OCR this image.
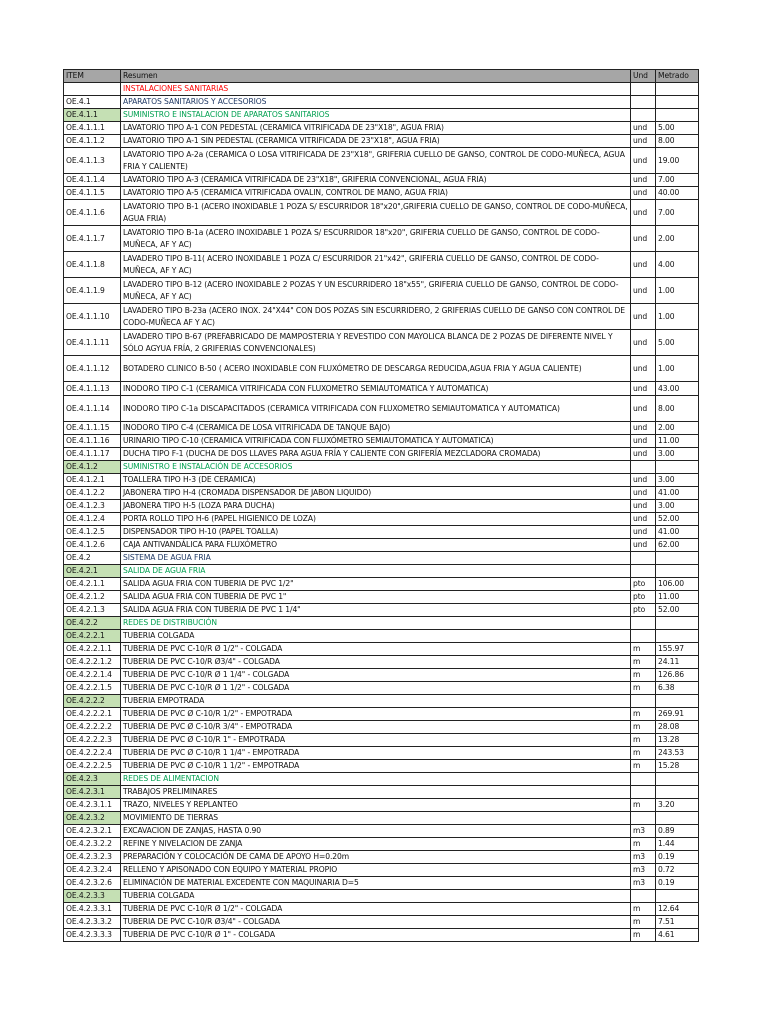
ITEM	Resumen	Und	Metrado
	INSTALACIONES SANITARIAS		
OE.4.1	APARATOS SANITARIOS Y ACCESORIOS		
OE.4.1.1	SUMINISTRO E INSTALACION DE APARATOS SANITARIOS		
OE.4.1.1.1	LAVATORIO TIPO A-1 CON PEDESTAL (CERAMICA VITRIFICADA DE 23"X18", AGUA FRIA)	und	5.00
OE.4.1.1.2	LAVATORIO TIPO A-1 SIN PEDESTAL (CERAMICA VITRIFICADA DE 23"X18", AGUA FRIA)	und	8.00
OE.4.1.1.3	LAVATORIO TIPO A-2a (CERAMICA O LOSA VITRIFICADA DE 23"X18", GRIFERIA CUELLO DE GANSO, CONTROL DE CODO-MUÑECA, AGUA FRIA Y CALIENTE)	und	19.00
OE.4.1.1.4	LAVATORIO TIPO A-3 (CERAMICA VITRIFICADA DE 23"X18", GRIFERIA CONVENCIONAL, AGUA FRIA)	und	7.00
OE.4.1.1.5	LAVATORIO TIPO A-5 (CERAMICA VITRIFICADA OVALIN, CONTROL DE MANO, AGUA FRIA)	und	40.00
OE.4.1.1.6	LAVATORIO TIPO B-1 (ACERO INOXIDABLE 1 POZA S/ ESCURRIDOR 18"x20",GRIFERIA CUELLO DE GANSO, CONTROL DE CODO-MUÑECA, AGUA FRIA)	und	7.00
OE.4.1.1.7	LAVATORIO TIPO B-1a (ACERO INOXIDABLE 1 POZA S/ ESCURRIDOR 18"x20", GRIFERIA CUELLO DE GANSO, CONTROL DE CODO-MUÑECA, AF Y AC)	und	2.00
OE.4.1.1.8	LAVADERO TIPO B-11( ACERO INOXIDABLE 1 POZA C/ ESCURRIDOR 21"x42", GRIFERIA CUELLO DE GANSO, CONTROL DE CODO-MUÑECA, AF Y AC)	und	4.00
OE.4.1.1.9	LAVADERO TIPO B-12 (ACERO INOXIDABLE 2 POZAS Y UN ESCURRIDERO 18"x55", GRIFERIA CUELLO DE GANSO, CONTROL DE CODO-MUÑECA, AF Y AC)	und	1.00
OE.4.1.1.10	LAVADERO TIPO B-23a (ACERO INOX. 24"X44" CON DOS POZAS SIN ESCURRIDERO, 2 GRIFERIAS CUELLO DE GANSO CON CONTROL DE CODO-MUÑECA AF Y AC)	und	1.00
OE.4.1.1.11	LAVADERO TIPO B-67 (PREFABRICADO DE MAMPOSTERIA Y REVESTIDO CON MAYOLICA BLANCA DE 2 POZAS DE DIFERENTE NIVEL Y SÓLO AGYUA FRÍA, 2 GRIFERIAS CONVENCIONALES)	und	5.00
OE.4.1.1.12	BOTADERO CLINICO B-50 ( ACERO INOXIDABLE CON FLUXÓMETRO DE DESCARGA REDUCIDA,AGUA FRIA Y AGUA CALIENTE)	und	1.00
OE.4.1.1.13	INODORO TIPO C-1 (CERAMICA VITRIFICADA CON FLUXOMETRO SEMIAUTOMATICA Y AUTOMATICA)	und	43.00
OE.4.1.1.14	INODORO TIPO C-1a DISCAPACITADOS (CERAMICA VITRIFICADA CON FLUXOMETRO SEMIAUTOMATICA Y AUTOMATICA)	und	8.00
OE.4.1.1.15	INODORO TIPO C-4 (CERAMICA DE LOSA VITRIFICADA DE TANQUE BAJO)	und	2.00
OE.4.1.1.16	URINARIO TIPO C-10 (CERAMICA VITRIFICADA CON FLUXÓMETRO SEMIAUTOMATICA Y AUTOMATICA)	und	11.00
OE.4.1.1.17	DUCHA TIPO F-1 (DUCHA DE DOS LLAVES PARA AGUA FRÍA Y CALIENTE CON GRIFERÍA MEZCLADORA CROMADA)	und	3.00
OE.4.1.2	SUMINISTRO E INSTALACIÓN DE ACCESORIOS		
OE.4.1.2.1	TOALLERA TIPO H-3 (DE CERAMICA)	und	3.00
OE.4.1.2.2	JABONERA TIPO H-4 (CROMADA DISPENSADOR DE JABON LIQUIDO)	und	41.00
OE.4.1.2.3	JABONERA TIPO H-5 (LOZA PARA DUCHA)	und	3.00
OE.4.1.2.4	PORTA ROLLO TIPO H-6 (PAPEL HIGIENICO DE LOZA)	und	52.00
OE.4.1.2.5	DISPENSADOR TIPO H-10 (PAPEL TOALLA)	und	41.00
OE.4.1.2.6	CAJA ANTIVANDÁLICA PARA FLUXÓMETRO	und	62.00
OE.4.2	SISTEMA DE AGUA FRIA		
OE.4.2.1	SALIDA DE AGUA FRIA		
OE.4.2.1.1	SALIDA AGUA FRIA CON TUBERIA DE PVC 1/2"	pto	106.00
OE.4.2.1.2	SALIDA AGUA FRIA CON TUBERIA DE PVC 1"	pto	11.00
OE.4.2.1.3	SALIDA AGUA FRIA CON TUBERIA DE PVC 1 1/4"	pto	52.00
OE.4.2.2	REDES DE DISTRIBUCIÓN		
OE.4.2.2.1	TUBERIA COLGADA		
OE.4.2.2.1.1	TUBERIA DE PVC C-10/R Ø 1/2" - COLGADA	m	155.97
OE.4.2.2.1.2	TUBERIA DE PVC C-10/R Ø3/4" - COLGADA	m	24.11
OE.4.2.2.1.4	TUBERIA DE PVC C-10/R Ø 1 1/4" - COLGADA	m	126.86
OE.4.2.2.1.5	TUBERIA DE PVC C-10/R Ø 1 1/2" - COLGADA	m	6.38
OE.4.2.2.2	TUBERIA EMPOTRADA		
OE.4.2.2.2.1	TUBERIA DE PVC Ø C-10/R 1/2" - EMPOTRADA	m	269.91
OE.4.2.2.2.2	TUBERIA DE PVC Ø C-10/R 3/4" - EMPOTRADA	m	28.08
OE.4.2.2.2.3	TUBERIA DE PVC Ø C-10/R 1" - EMPOTRADA	m	13.28
OE.4.2.2.2.4	TUBERIA DE PVC Ø C-10/R 1 1/4" - EMPOTRADA	m	243.53
OE.4.2.2.2.5	TUBERIA DE PVC Ø C-10/R 1 1/2" - EMPOTRADA	m	15.28
OE.4.2.3	REDES DE ALIMENTACION		
OE.4.2.3.1	TRABAJOS PRELIMINARES		
OE.4.2.3.1.1	TRAZO, NIVELES Y REPLANTEO	m	3.20
OE.4.2.3.2	MOVIMIENTO DE TIERRAS		
OE.4.2.3.2.1	EXCAVACION DE ZANJAS, HASTA 0.90	m3	0.89
OE.4.2.3.2.2	REFINE Y NIVELACION DE ZANJA	m	1.44
OE.4.2.3.2.3	PREPARACIÓN Y COLOCACIÓN DE CAMA DE APOYO H=0.20m	m3	0.19
OE.4.2.3.2.4	RELLENO Y APISONADO CON EQUIPO Y MATERIAL PROPIO	m3	0.72
OE.4.2.3.2.6	ELIMINACIÓN DE MATERIAL EXCEDENTE CON MAQUINARIA D=5	m3	0.19
OE.4.2.3.3	TUBERIA COLGADA		
OE.4.2.3.3.1	TUBERIA DE PVC C-10/R Ø 1/2" - COLGADA	m	12.64
OE.4.2.3.3.2	TUBERIA DE PVC C-10/R Ø3/4" - COLGADA	m	7.51
OE.4.2.3.3.3	TUBERIA DE PVC C-10/R Ø 1" - COLGADA	m	4.61
